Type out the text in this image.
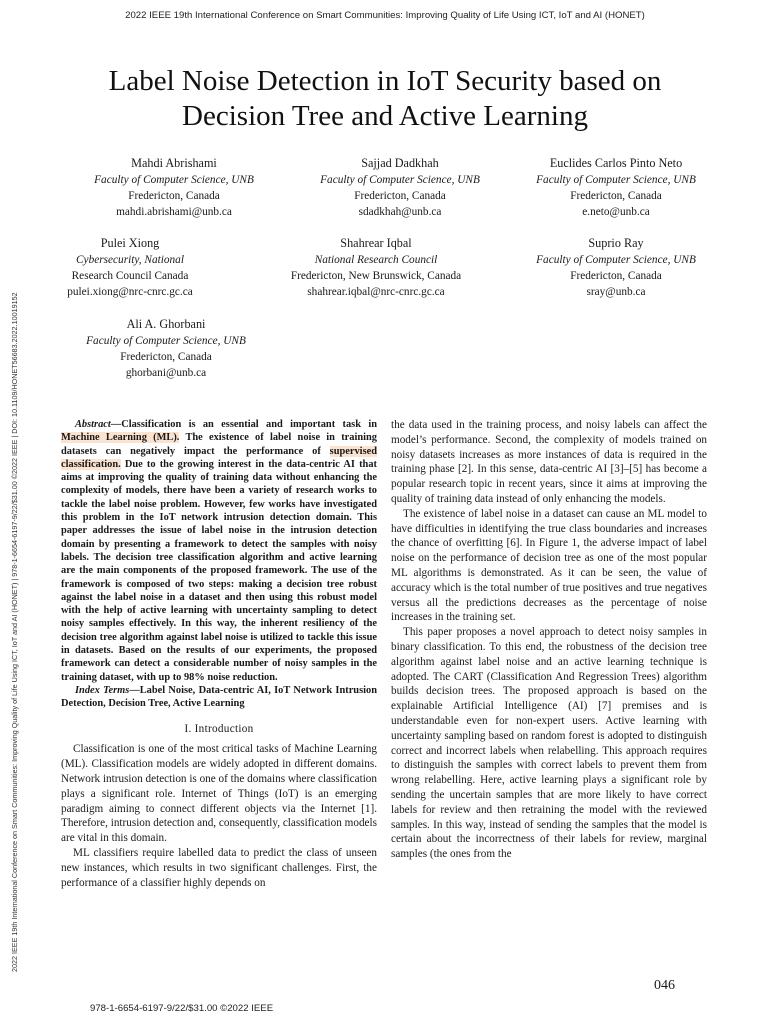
2022 IEEE 19th International Conference on Smart Communities: Improving Quality of Life Using ICT, IoT and AI (HONET)
2022 IEEE 19th International Conference on Smart Communities: Improving Quality of Life Using ICT, IoT and AI (HONET) | 978-1-6654-6197-9/22/$31.00 ©2022 IEEE | DOI: 10.1109/HONET56683.2022.10019152
Label Noise Detection in IoT Security based on Decision Tree and Active Learning
Mahdi Abrishami
Faculty of Computer Science, UNB
Fredericton, Canada
mahdi.abrishami@unb.ca
Sajjad Dadkhah
Faculty of Computer Science, UNB
Fredericton, Canada
sdadkhah@unb.ca
Euclides Carlos Pinto Neto
Faculty of Computer Science, UNB
Fredericton, Canada
e.neto@unb.ca
Pulei Xiong
Cybersecurity, National
Research Council Canada
pulei.xiong@nrc-cnrc.gc.ca
Shahrear Iqbal
National Research Council
Fredericton, New Brunswick, Canada
shahrear.iqbal@nrc-cnrc.gc.ca
Suprio Ray
Faculty of Computer Science, UNB
Fredericton, Canada
sray@unb.ca
Ali A. Ghorbani
Faculty of Computer Science, UNB
Fredericton, Canada
ghorbani@unb.ca

Abstract—Classification is an essential and important task in Machine Learning (ML). The existence of label noise in training datasets can negatively impact the performance of supervised classification. Due to the growing interest in the data-centric AI that aims at improving the quality of training data without enhancing the complexity of models, there have been a variety of research works to tackle the label noise problem. However, few works have investigated this problem in the IoT network intrusion detection domain. This paper addresses the issue of label noise in the intrusion detection domain by presenting a framework to detect the samples with noisy labels. The decision tree classification algorithm and active learning are the main components of the proposed framework. The use of the framework is composed of two steps: making a decision tree robust against the label noise in a dataset and then using this robust model with the help of active learning with uncertainty sampling to detect noisy samples effectively. In this way, the inherent resiliency of the decision tree algorithm against label noise is utilized to tackle this issue in datasets. Based on the results of our experiments, the proposed framework can detect a considerable number of noisy samples in the training dataset, with up to 98% noise reduction.

Index Terms—Label Noise, Data-centric AI, IoT Network Intrusion Detection, Decision Tree, Active Learning

I. Introduction

Classification is one of the most critical tasks of Machine Learning (ML). Classification models are widely adopted in different domains. Network intrusion detection is one of the domains where classification plays a significant role. Internet of Things (IoT) is an emerging paradigm aiming to connect different objects via the Internet [1]. Therefore, intrusion detection and, consequently, classification models are vital in this domain.

ML classifiers require labelled data to predict the class of unseen new instances, which results in two significant challenges. First, the performance of a classifier highly depends on

the data used in the training process, and noisy labels can affect the model’s performance. Second, the complexity of models trained on noisy datasets increases as more instances of data is required in the training phase [2]. In this sense, data-centric AI [3]–[5] has become a popular research topic in recent years, since it aims at improving the quality of training data instead of only enhancing the models.

The existence of label noise in a dataset can cause an ML model to have difficulties in identifying the true class boundaries and increases the chance of overfitting [6]. In Figure 1, the adverse impact of label noise on the performance of decision tree as one of the most popular ML algorithms is demonstrated. As it can be seen, the value of accuracy which is the total number of true positives and true negatives versus all the predictions decreases as the percentage of noise increases in the training set.

This paper proposes a novel approach to detect noisy samples in binary classification. To this end, the robustness of the decision tree algorithm against label noise and an active learning technique is adopted. The CART (Classification And Regression Trees) algorithm builds decision trees. The proposed approach is based on the explainable Artificial Intelligence (AI) [7] premises and is understandable even for non-expert users. Active learning with uncertainty sampling based on random forest is adopted to distinguish correct and incorrect labels when relabelling. This approach requires to distinguish the samples with correct labels to prevent them from wrong relabelling. Here, active learning plays a significant role by sending the uncertain samples that are more likely to have correct labels for review and then retraining the model with the reviewed samples. In this way, instead of sending the samples that the model is certain about the incorrectness of their labels for review, marginal samples (the ones from the

046
978-1-6654-6197-9/22/$31.00 ©2022 IEEE
